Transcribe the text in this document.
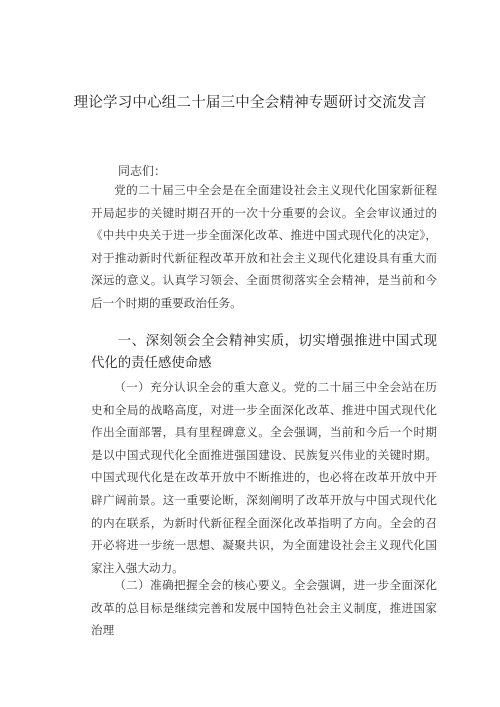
理论学习中心组二十届三中全会精神专题研讨交流发言
同志们：

党的二十届三中全会是在全面建设社会主义现代化国家新征程开局起步的关键时期召开的一次十分重要的会议。全会审议通过的《中共中央关于进一步全面深化改革、推进中国式现代化的决定》，对于推动新时代新征程改革开放和社会主义现代化建设具有重大而深远的意义。认真学习领会、全面贯彻落实全会精神，是当前和今后一个时期的重要政治任务。

一、深刻领会全会精神实质，切实增强推进中国式现代化的责任感使命感

（一）充分认识全会的重大意义。党的二十届三中全会站在历史和全局的战略高度，对进一步全面深化改革、推进中国式现代化作出全面部署，具有里程碑意义。全会强调，当前和今后一个时期是以中国式现代化全面推进强国建设、民族复兴伟业的关键时期。中国式现代化是在改革开放中不断推进的，也必将在改革开放中开辟广阔前景。这一重要论断，深刻阐明了改革开放与中国式现代化的内在联系，为新时代新征程全面深化改革指明了方向。全会的召开必将进一步统一思想、凝聚共识，为全面建设社会主义现代化国家注入强大动力。

（二）准确把握全会的核心要义。全会强调，进一步全面深化改革的总目标是继续完善和发展中国特色社会主义制度，推进国家治理
